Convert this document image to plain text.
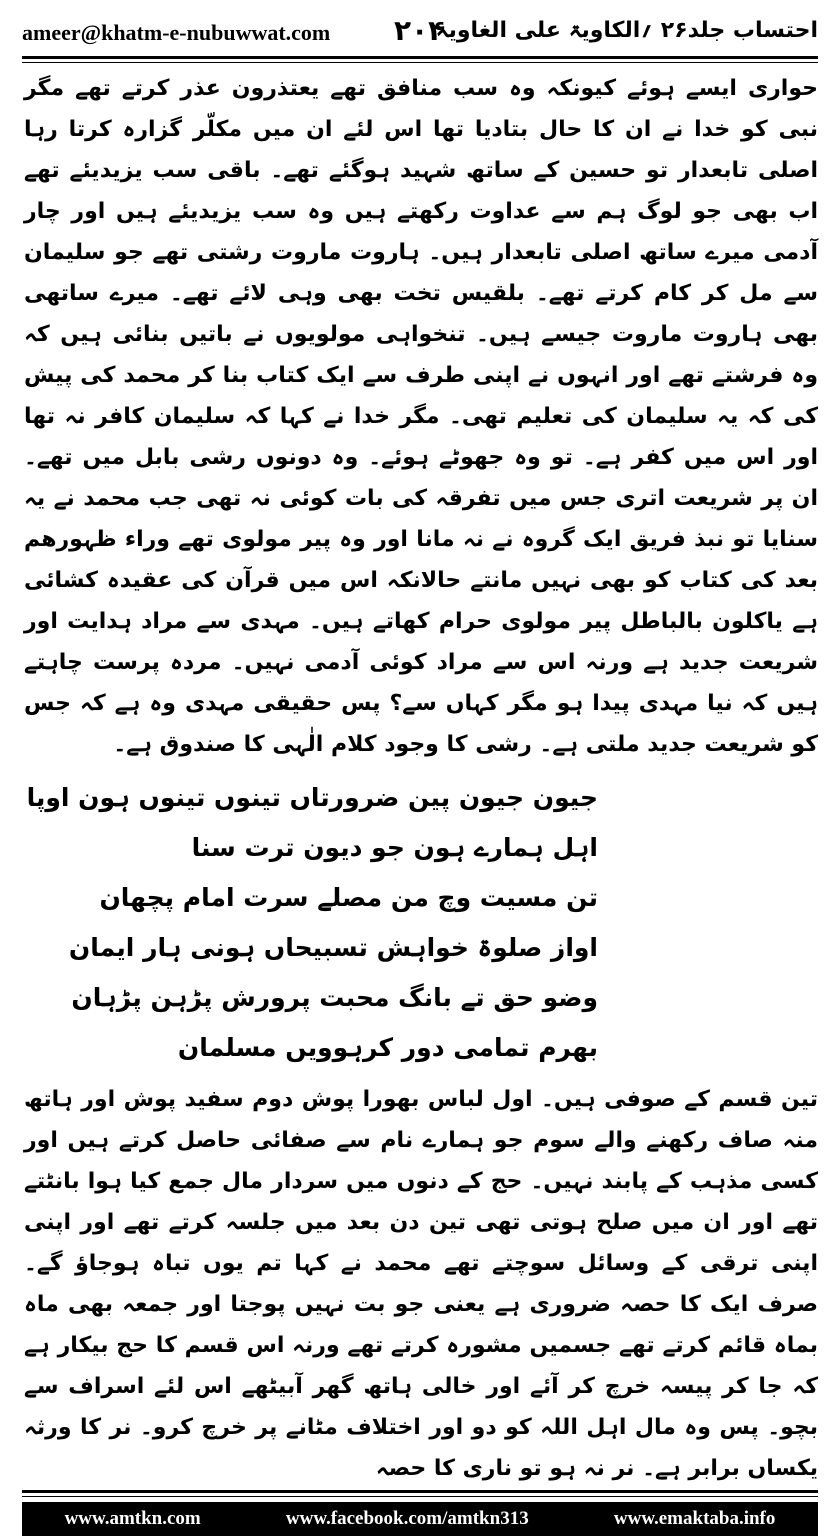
ameer@khatm-e-nubuwwat.com ۲۰۴
احتساب جلد۲۶ ؍الکاویۃ علی الغاویہ

حواری ایسے ہوئے کیونکہ وہ سب منافق تھے یعتذرون عذر کرتے تھے مگر نبی کو خدا نے ان کا حال بتادیا تھا اس لئے ان میں مکلّر گزارہ کرتا رہا اصلی تابعدار تو حسین کے ساتھ شہید ہوگئے تھے۔ باقی سب یزیدیئے تھے اب بھی جو لوگ ہم سے عداوت رکھتے ہیں وہ سب یزیدیئے ہیں اور چار آدمی میرے ساتھ اصلی تابعدار ہیں۔ ہاروت ماروت رشتی تھے جو سلیمان سے مل کر کام کرتے تھے۔ بلقیس تخت بھی وہی لائے تھے۔ میرے ساتھی بھی ہاروت ماروت جیسے ہیں۔ تنخواہی مولویوں نے باتیں بنائی ہیں کہ وہ فرشتے تھے اور انہوں نے اپنی طرف سے ایک کتاب بنا کر محمد کی پیش کی کہ یہ سلیمان کی تعلیم تھی۔ مگر خدا نے کہا کہ سلیمان کافر نہ تھا اور اس میں کفر ہے۔ تو وہ جھوٹے ہوئے۔ وہ دونوں رشی بابل میں تھے۔ ان پر شریعت اتری جس میں تفرقہ کی بات کوئی نہ تھی جب محمد نے یہ سنایا تو نبذ فریق ایک گروہ نے نہ مانا اور وہ پیر مولوی تھے وراء ظہورھم بعد کی کتاب کو بھی نہیں مانتے حالانکہ اس میں قرآن کی عقیدہ کشائی ہے یاکلون بالباطل پیر مولوی حرام کھاتے ہیں۔ مہدی سے مراد ہدایت اور شریعت جدید ہے ورنہ اس سے مراد کوئی آدمی نہیں۔ مردہ پرست چاہتے ہیں کہ نیا مہدی پیدا ہو مگر کہاں سے؟ پس حقیقی مہدی وہ ہے کہ جس کو شریعت جدید ملتی ہے۔ رشی کا وجود کلام الٰہی کا صندوق ہے۔

جیون جیون پین ضرورتاں تینوں تینوں ہون اوپا
اہل ہمارے ہون جو دیون ترت سنا
تن مسیت وچ من مصلے سرت امام پچھان
اواز صلوۃ خواہش تسبیحاں ہونی ہار ایمان
وضو حق تے بانگ محبت پرورش پڑہن پڑہان
بھرم تمامی دور کرہوویں مسلمان

تین قسم کے صوفی ہیں۔ اول لباس بھورا پوش دوم سفید پوش اور ہاتھ منہ صاف رکھنے والے سوم جو ہمارے نام سے صفائی حاصل کرتے ہیں اور کسی مذہب کے پابند نہیں۔ حج کے دنوں میں سردار مال جمع کیا ہوا بانٹتے تھے اور ان میں صلح ہوتی تھی تین دن بعد میں جلسہ کرتے تھے اور اپنی اپنی ترقی کے وسائل سوچتے تھے محمد نے کہا تم یوں تباہ ہوجاؤ گے۔ صرف ایک کا حصہ ضروری ہے یعنی جو بت نہیں پوجتا اور جمعہ بھی ماہ بماہ قائم کرتے تھے جسمیں مشورہ کرتے تھے ورنہ اس قسم کا حج بیکار ہے کہ جا کر پیسہ خرچ کر آئے اور خالی ہاتھ گھر آبیٹھے اس لئے اسراف سے بچو۔ پس وہ مال اہل اللہ کو دو اور اختلاف مٹانے پر خرچ کرو۔ نر کا ورثہ یکساں برابر ہے۔ نر نہ ہو تو ناری کا حصہ

www.amtkn.com	www.facebook.com/amtkn313	www.emaktaba.info
